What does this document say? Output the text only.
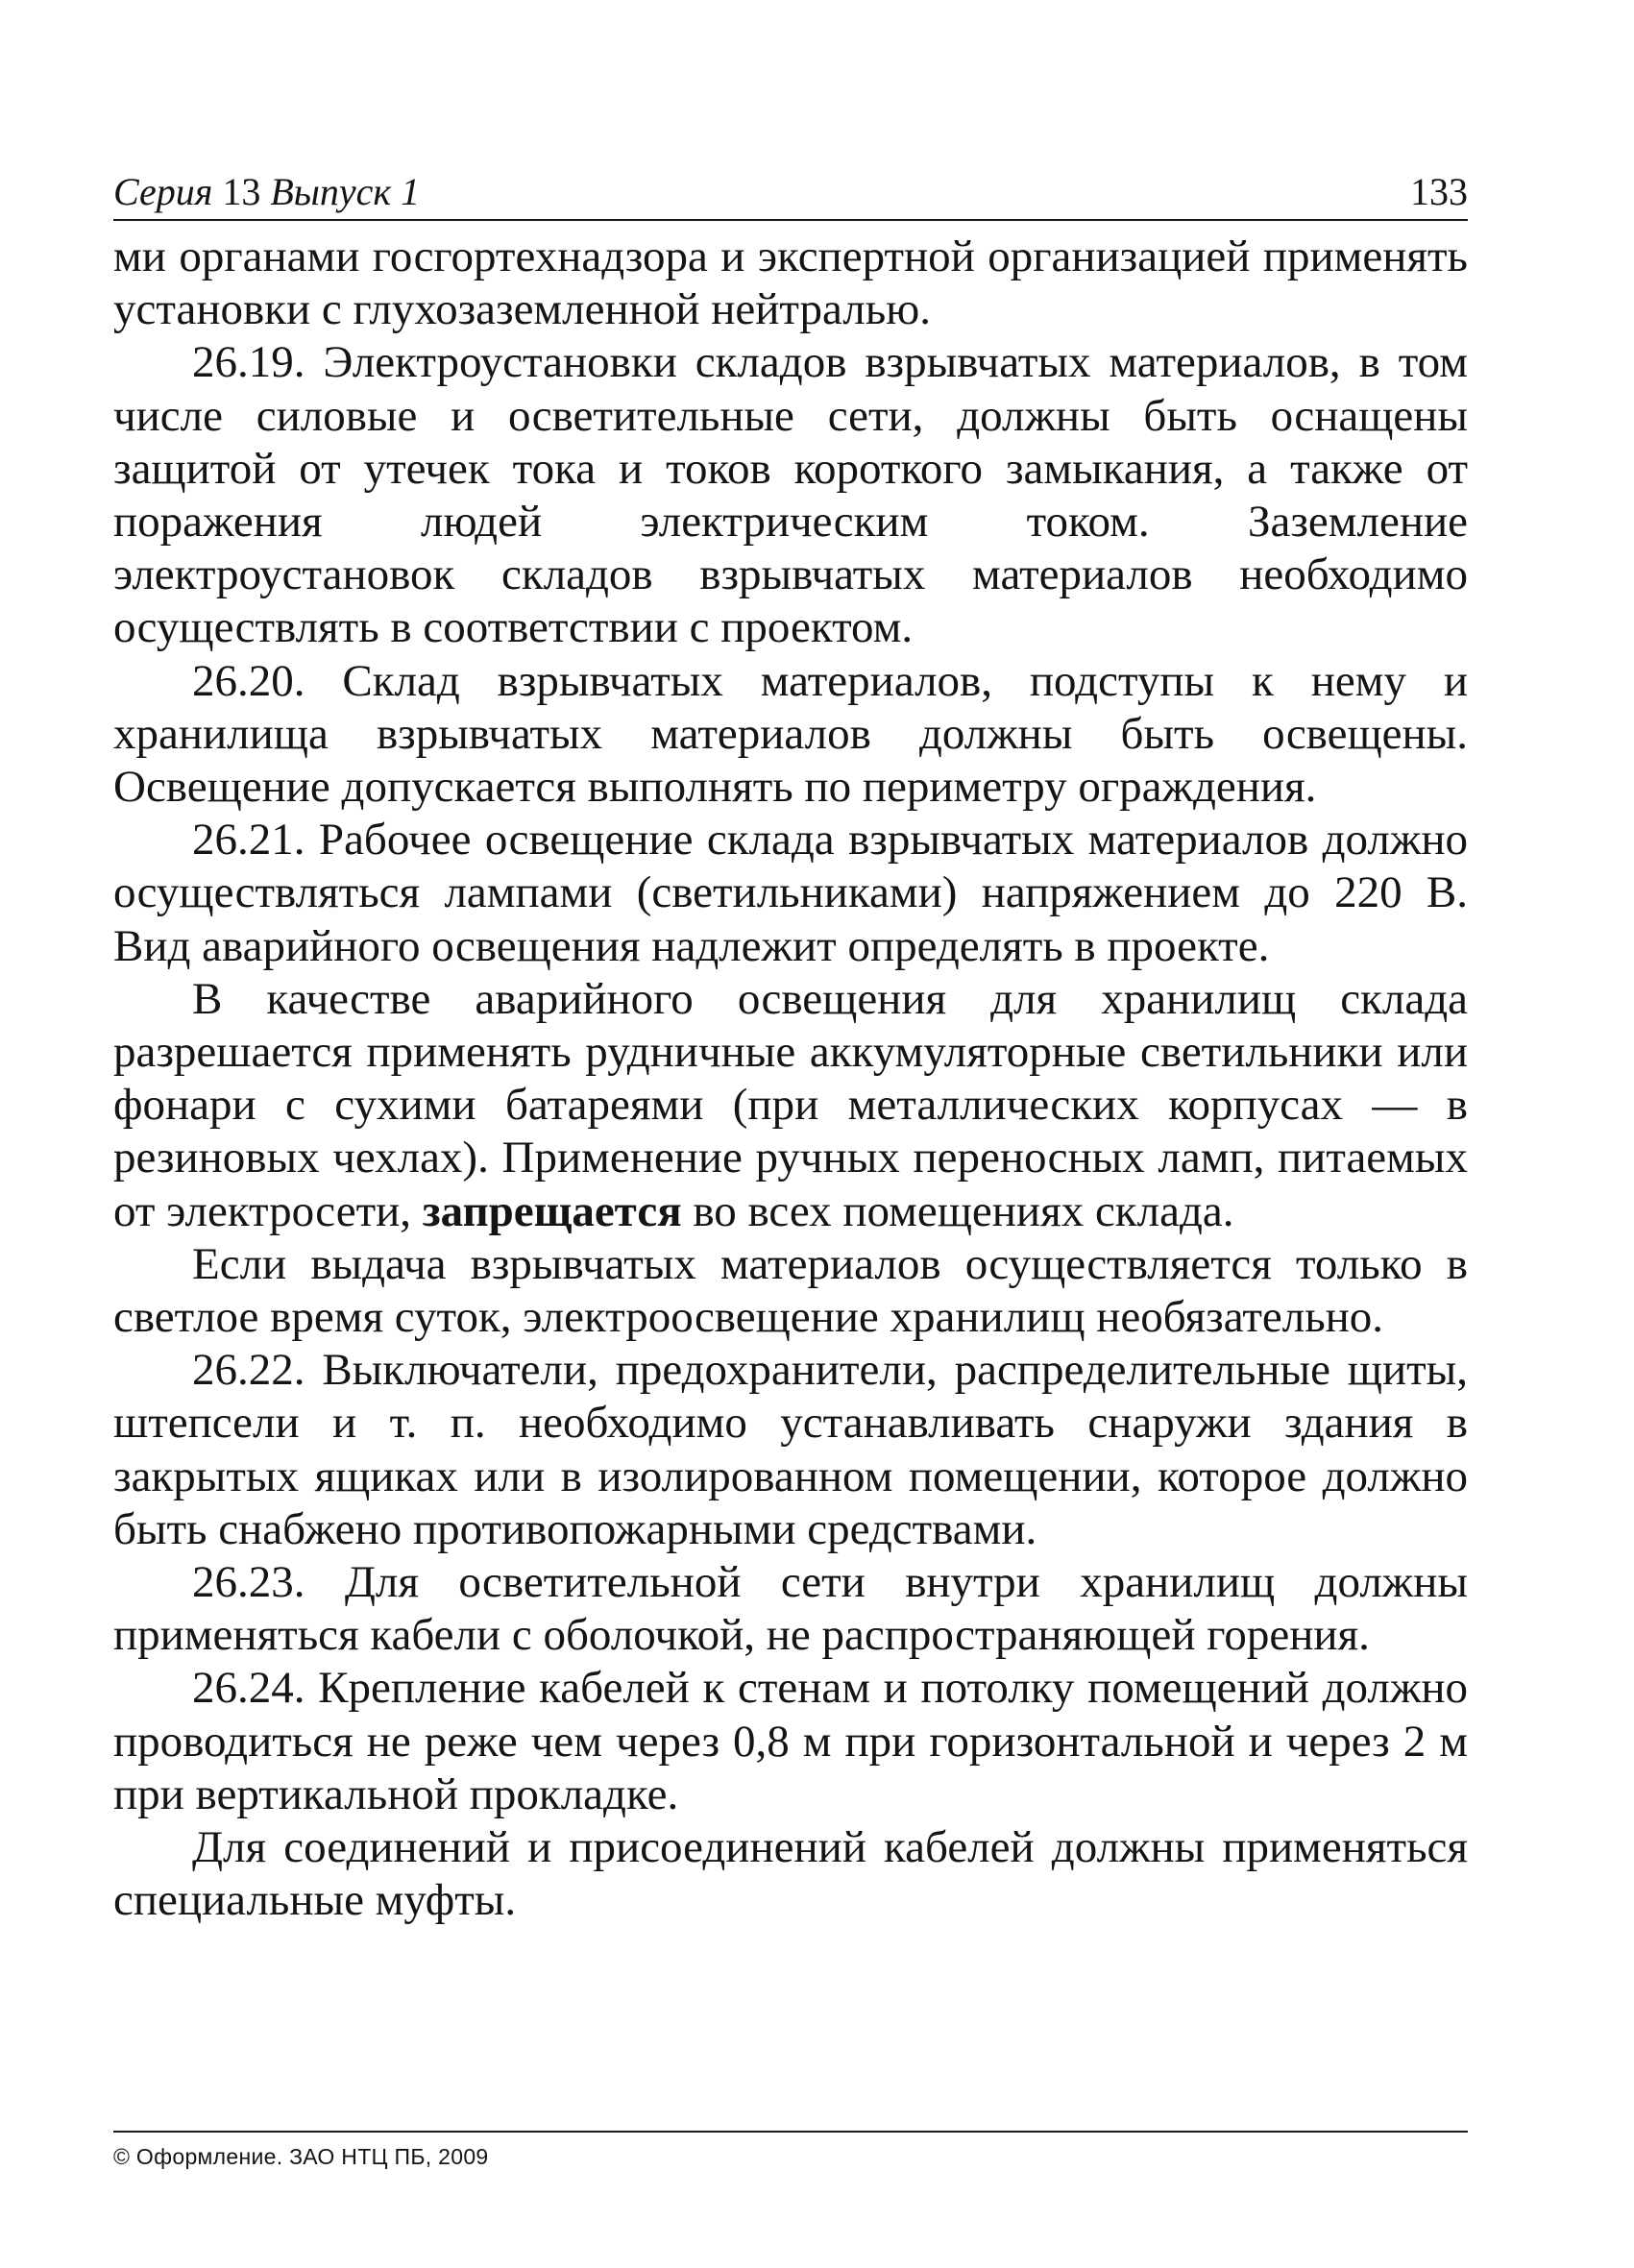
Серия 13 Выпуск 1	133

ми органами госгортехнадзора и экспертной организацией применять установки с глухозаземленной нейтралью.

26.19. Электроустановки складов взрывчатых материалов, в том числе силовые и осветительные сети, должны быть оснащены защитой от утечек тока и токов короткого замыкания, а также от поражения людей электрическим током. Заземление электроустановок складов взрывчатых материалов необходимо осуществлять в соответствии с проектом.

26.20. Склад взрывчатых материалов, подступы к нему и хранилища взрывчатых материалов должны быть освещены. Освещение допускается выполнять по периметру ограждения.

26.21. Рабочее освещение склада взрывчатых материалов должно осуществляться лампами (светильниками) напряжением до 220 В. Вид аварийного освещения надлежит определять в проекте.

В качестве аварийного освещения для хранилищ склада разрешается применять рудничные аккумуляторные светильники или фонари с сухими батареями (при металлических корпусах — в резиновых чехлах). Применение ручных переносных ламп, питаемых от электросети, запрещается во всех помещениях склада.

Если выдача взрывчатых материалов осуществляется только в светлое время суток, электроосвещение хранилищ необязательно.

26.22. Выключатели, предохранители, распределительные щиты, штепсели и т. п. необходимо устанавливать снаружи здания в закрытых ящиках или в изолированном помещении, которое должно быть снабжено противопожарными средствами.

26.23. Для осветительной сети внутри хранилищ должны применяться кабели с оболочкой, не распространяющей горения.

26.24. Крепление кабелей к стенам и потолку помещений должно проводиться не реже чем через 0,8 м при горизонтальной и через 2 м при вертикальной прокладке.

Для соединений и присоединений кабелей должны применяться специальные муфты.

© Оформление. ЗАО НТЦ ПБ, 2009
